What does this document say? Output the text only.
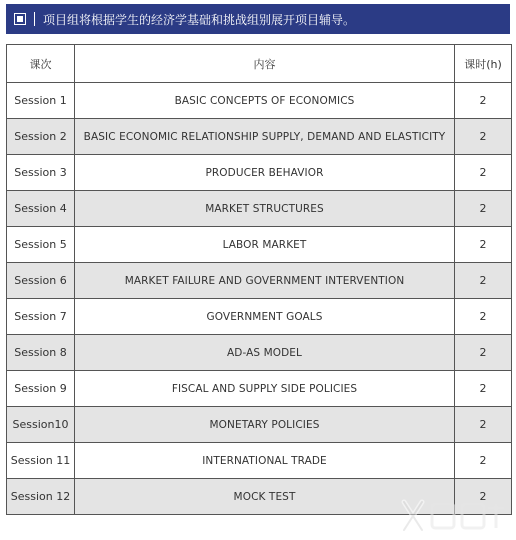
项目组将根据学生的经济学基础和挑战组别展开项目辅导。
课次	内容	课时(h)
Session 1	BASIC CONCEPTS OF ECONOMICS	2
Session 2	BASIC ECONOMIC RELATIONSHIP SUPPLY, DEMAND AND ELASTICITY	2
Session 3	PRODUCER BEHAVIOR	2
Session 4	MARKET STRUCTURES	2
Session 5	LABOR MARKET	2
Session 6	MARKET FAILURE AND GOVERNMENT INTERVENTION	2
Session 7	GOVERNMENT GOALS	2
Session 8	AD-AS MODEL	2
Session 9	FISCAL AND SUPPLY SIDE POLICIES	2
Session10	MONETARY POLICIES	2
Session 11	INTERNATIONAL TRADE	2
Session 12	MOCK TEST	2
